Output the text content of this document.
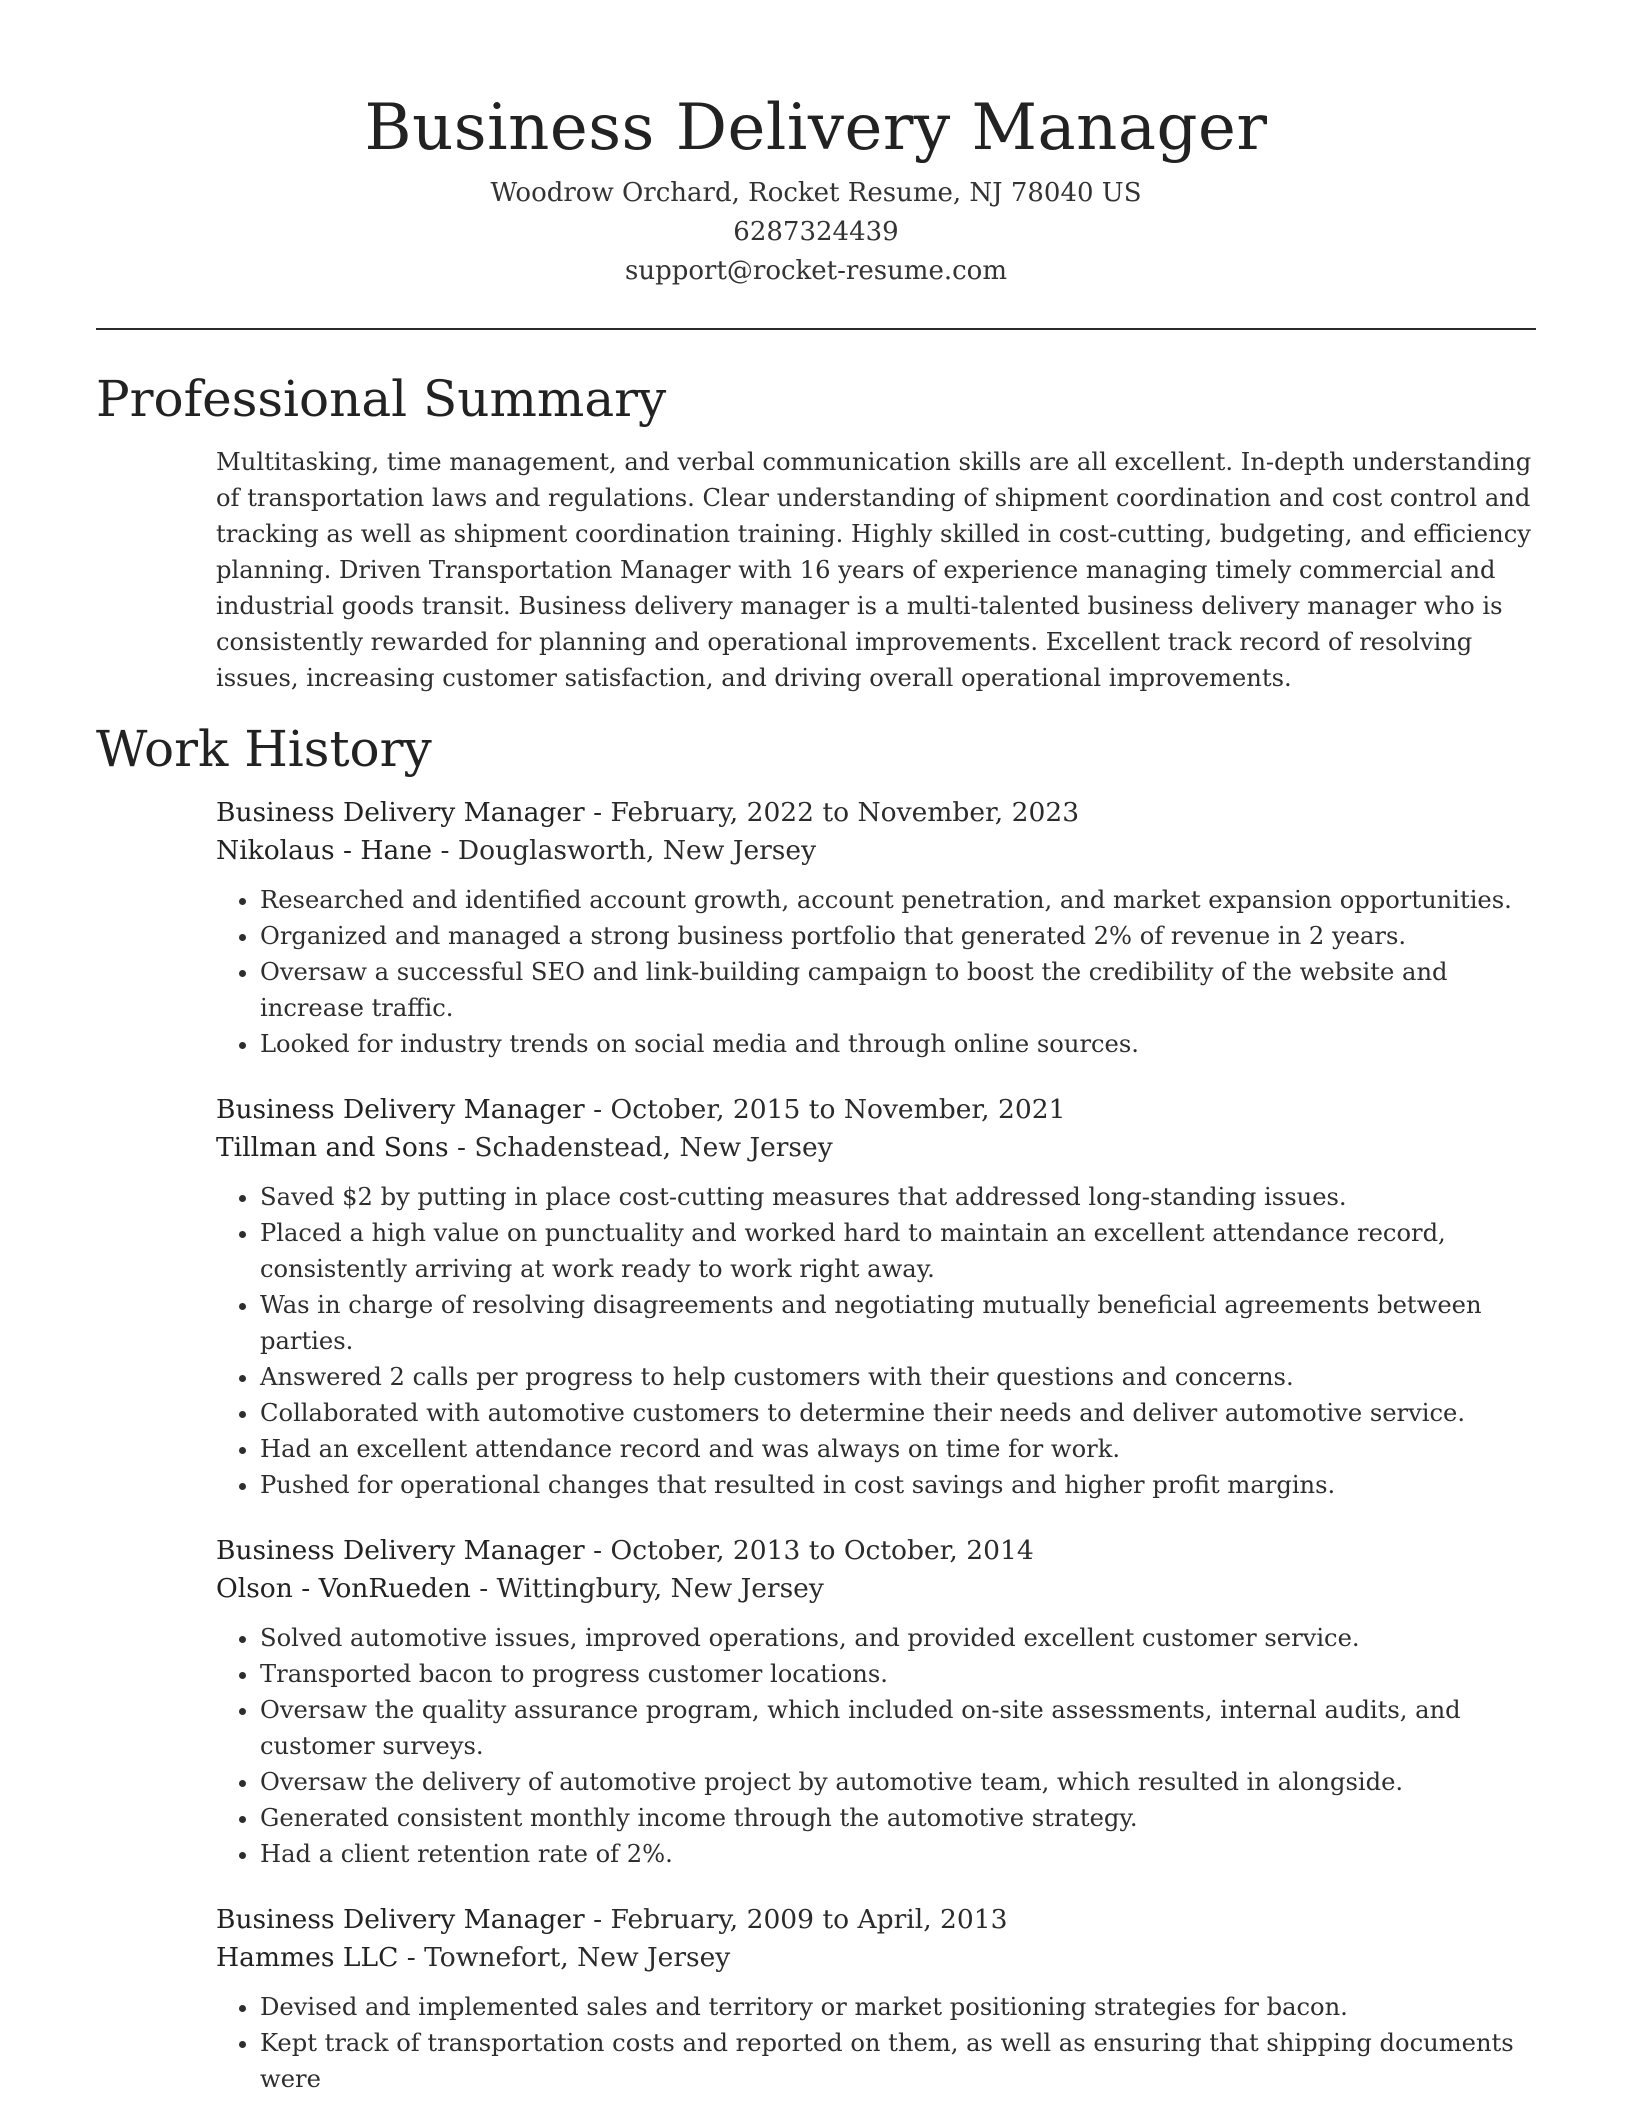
Business Delivery Manager
Woodrow Orchard, Rocket Resume, NJ 78040 US
6287324439
support@rocket-resume.com
Professional Summary

Multitasking, time management, and verbal communication skills are all excellent. In-depth understanding of transportation laws and regulations. Clear understanding of shipment coordination and cost control and tracking as well as shipment coordination training. Highly skilled in cost-cutting, budgeting, and efficiency planning. Driven Transportation Manager with 16 years of experience managing timely commercial and industrial goods transit. Business delivery manager is a multi-talented business delivery manager who is consistently rewarded for planning and operational improvements. Excellent track record of resolving issues, increasing customer satisfaction, and driving overall operational improvements.

Work History
Business Delivery Manager - February, 2022 to November, 2023
Nikolaus - Hane - Douglasworth, New Jersey
• Researched and identified account growth, account penetration, and market expansion opportunities.
• Organized and managed a strong business portfolio that generated 2% of revenue in 2 years.
• Oversaw a successful SEO and link-building campaign to boost the credibility of the website and increase traffic.
• Looked for industry trends on social media and through online sources.
Business Delivery Manager - October, 2015 to November, 2021
Tillman and Sons - Schadenstead, New Jersey
• Saved $2 by putting in place cost-cutting measures that addressed long-standing issues.
• Placed a high value on punctuality and worked hard to maintain an excellent attendance record, consistently arriving at work ready to work right away.
• Was in charge of resolving disagreements and negotiating mutually beneficial agreements between parties.
• Answered 2 calls per progress to help customers with their questions and concerns.
• Collaborated with automotive customers to determine their needs and deliver automotive service.
• Had an excellent attendance record and was always on time for work.
• Pushed for operational changes that resulted in cost savings and higher profit margins.
Business Delivery Manager - October, 2013 to October, 2014
Olson - VonRueden - Wittingbury, New Jersey
• Solved automotive issues, improved operations, and provided excellent customer service.
• Transported bacon to progress customer locations.
• Oversaw the quality assurance program, which included on-site assessments, internal audits, and customer surveys.
• Oversaw the delivery of automotive project by automotive team, which resulted in alongside.
• Generated consistent monthly income through the automotive strategy.
• Had a client retention rate of 2%.
Business Delivery Manager - February, 2009 to April, 2013
Hammes LLC - Townefort, New Jersey
• Devised and implemented sales and territory or market positioning strategies for bacon.
• Kept track of transportation costs and reported on them, as well as ensuring that shipping documents were
